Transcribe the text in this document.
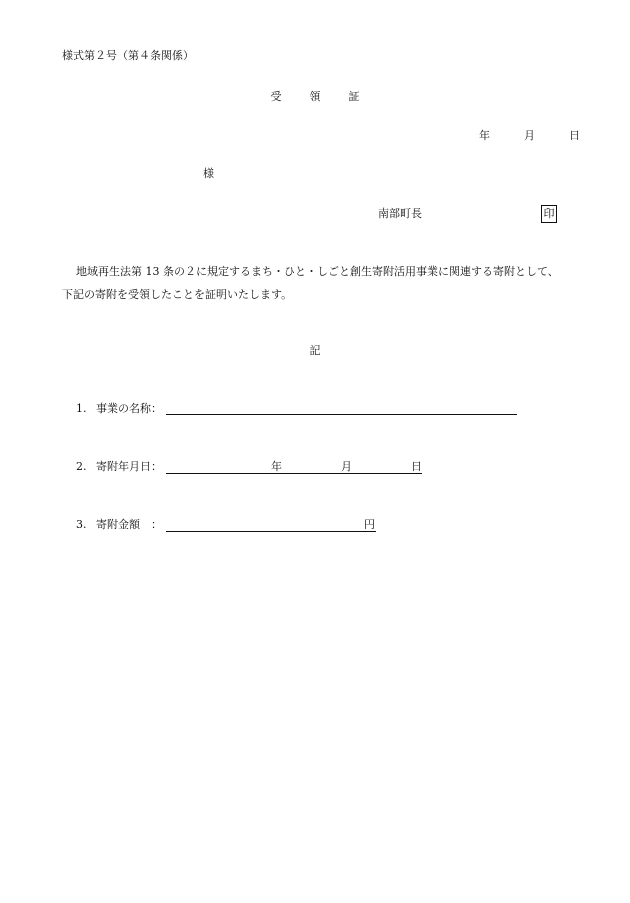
様式第２号（第４条関係）
受領証
年	月	日
様
南部町長	印
地域再生法第 13 条の２に規定するまち・ひと・しごと創生寄附活用事業に関連する寄附として、
下記の寄附を受領したことを証明いたします。
記
1. 事業の名称：
2. 寄附年月日：	年	月	日
3. 寄附金額　：	円
